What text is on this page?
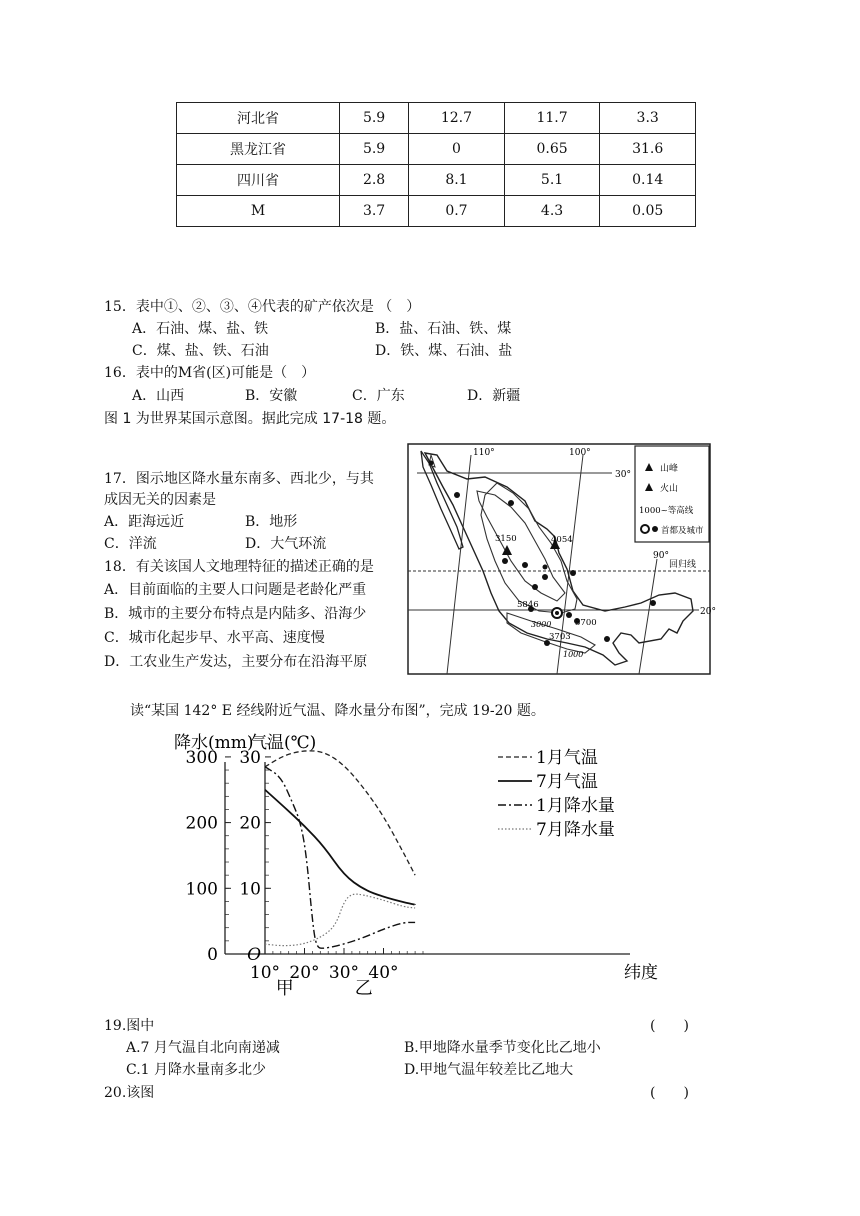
河北省	5.9	12.7	11.7	3.3
黑龙江省	5.9	0	0.65	31.6
四川省	2.8	8.1	5.1	0.14
M	3.7	0.7	4.3	0.05
15．表中①、②、③、④代表的矿产依次是 （　）
A．石油、煤、盐、铁	B．盐、石油、铁、煤
C．煤、盐、铁、石油	D．铁、煤、石油、盐
16．表中的M省(区)可能是（　）
A．山西	B．安徽	C．广东	D．新疆
图 1 为世界某国示意图。据此完成 17-18 题。
17．图示地区降水量东南多、西北少，与其
成因无关的因素是
A．距海远近	B．地形
C．洋流	D．大气环流
18．有关该国人文地理特征的描述正确的是
A．目前面临的主要人口问题是老龄化严重
B．城市的主要分布特点是内陆多、沿海少
C．城市化起步早、水平高、速度慢
D．工农业生产发达，主要分布在沿海平原
30°
回归线
20°
110°	100°
90°
3150	4054
5846
5700
3703
3000
1000
山峰
火山
1000~等高线
首都及城市
读“某国 142° E 经线附近气温、降水量分布图”，完成 19-20 题。
降水(mm)
气温(℃)
300
200
100
0
30
20
10
O
10° 20° 30° 40°	纬度
甲	乙
1月气温
7月气温
1月降水量
7月降水量
19.图中	(　　)
A.7 月气温自北向南递减	B.甲地降水量季节变化比乙地小
C.1 月降水量南多北少	D.甲地气温年较差比乙地大
20.该图	(　　)
